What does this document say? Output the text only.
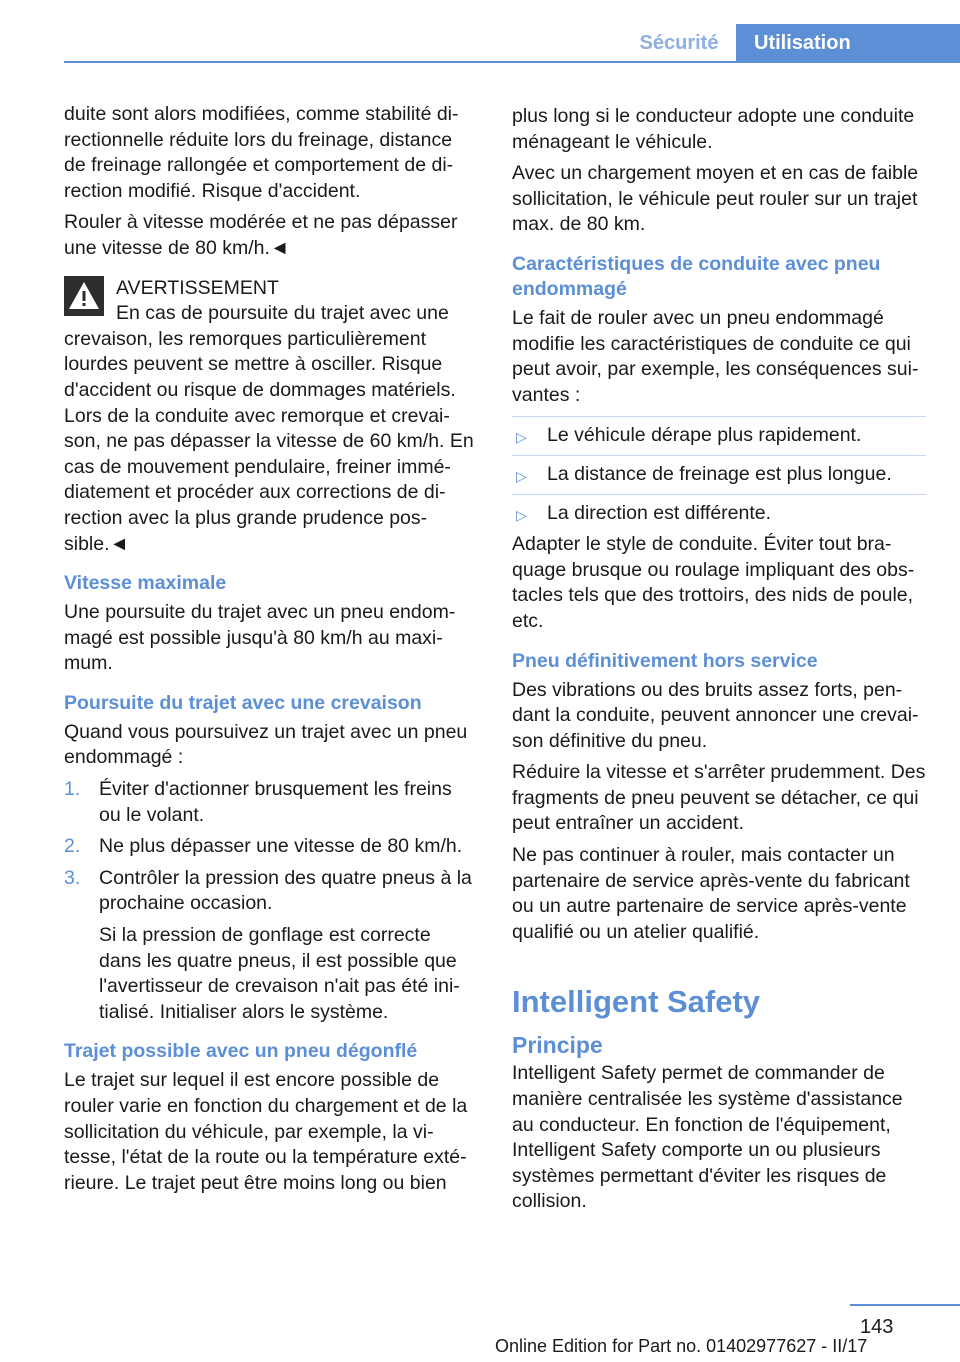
Sécurité	Utilisation

duite sont alors modifiées, comme stabilité di-rectionnelle réduite lors du freinage, distance de freinage rallongée et comportement de di-rection modifié. Risque d'accident.

Rouler à vitesse modérée et ne pas dépasser une vitesse de 80 km/h.◄

AVERTISSEMENT

En cas de poursuite du trajet avec une

crevaison, les remorques particulièrement lourdes peuvent se mettre à osciller. Risque d'accident ou risque de dommages matériels. Lors de la conduite avec remorque et crevai-son, ne pas dépasser la vitesse de 60 km/h. En cas de mouvement pendulaire, freiner immé-diatement et procéder aux corrections de di-rection avec la plus grande prudence pos-sible.◄

Vitesse maximale

Une poursuite du trajet avec un pneu endom-magé est possible jusqu'à 80 km/h au maxi-mum.

Poursuite du trajet avec une crevaison

Quand vous poursuivez un trajet avec un pneu endommagé :

1. Éviter d'actionner brusquement les freins ou le volant.
2. Ne plus dépasser une vitesse de 80 km/h.
3. Contrôler la pression des quatre pneus à la prochaine occasion.
Si la pression de gonflage est correcte dans les quatre pneus, il est possible que l'avertisseur de crevaison n'ait pas été ini-tialisé. Initialiser alors le système.
Trajet possible avec un pneu dégonflé

Le trajet sur lequel il est encore possible de rouler varie en fonction du chargement et de la sollicitation du véhicule, par exemple, la vi-tesse, l'état de la route ou la température exté-rieure. Le trajet peut être moins long ou bien

plus long si le conducteur adopte une conduite ménageant le véhicule.

Avec un chargement moyen et en cas de faible sollicitation, le véhicule peut rouler sur un trajet max. de 80 km.

Caractéristiques de conduite avec pneu endommagé

Le fait de rouler avec un pneu endommagé modifie les caractéristiques de conduite ce qui peut avoir, par exemple, les conséquences sui-vantes :

▷ Le véhicule dérape plus rapidement.
▷ La distance de freinage est plus longue.
▷ La direction est différente.

Adapter le style de conduite. Éviter tout bra-quage brusque ou roulage impliquant des obs-tacles tels que des trottoirs, des nids de poule, etc.

Pneu définitivement hors service

Des vibrations ou des bruits assez forts, pen-dant la conduite, peuvent annoncer une crevai-son définitive du pneu.

Réduire la vitesse et s'arrêter prudemment. Des fragments de pneu peuvent se détacher, ce qui peut entraîner un accident.

Ne pas continuer à rouler, mais contacter un partenaire de service après-vente du fabricant ou un autre partenaire de service après-vente qualifié ou un atelier qualifié.

Intelligent Safety
Principe

Intelligent Safety permet de commander de manière centralisée les système d'assistance au conducteur. En fonction de l'équipement, Intelligent Safety comporte un ou plusieurs systèmes permettant d'éviter les risques de collision.

143
Online Edition for Part no. 01402977627 - II/17
